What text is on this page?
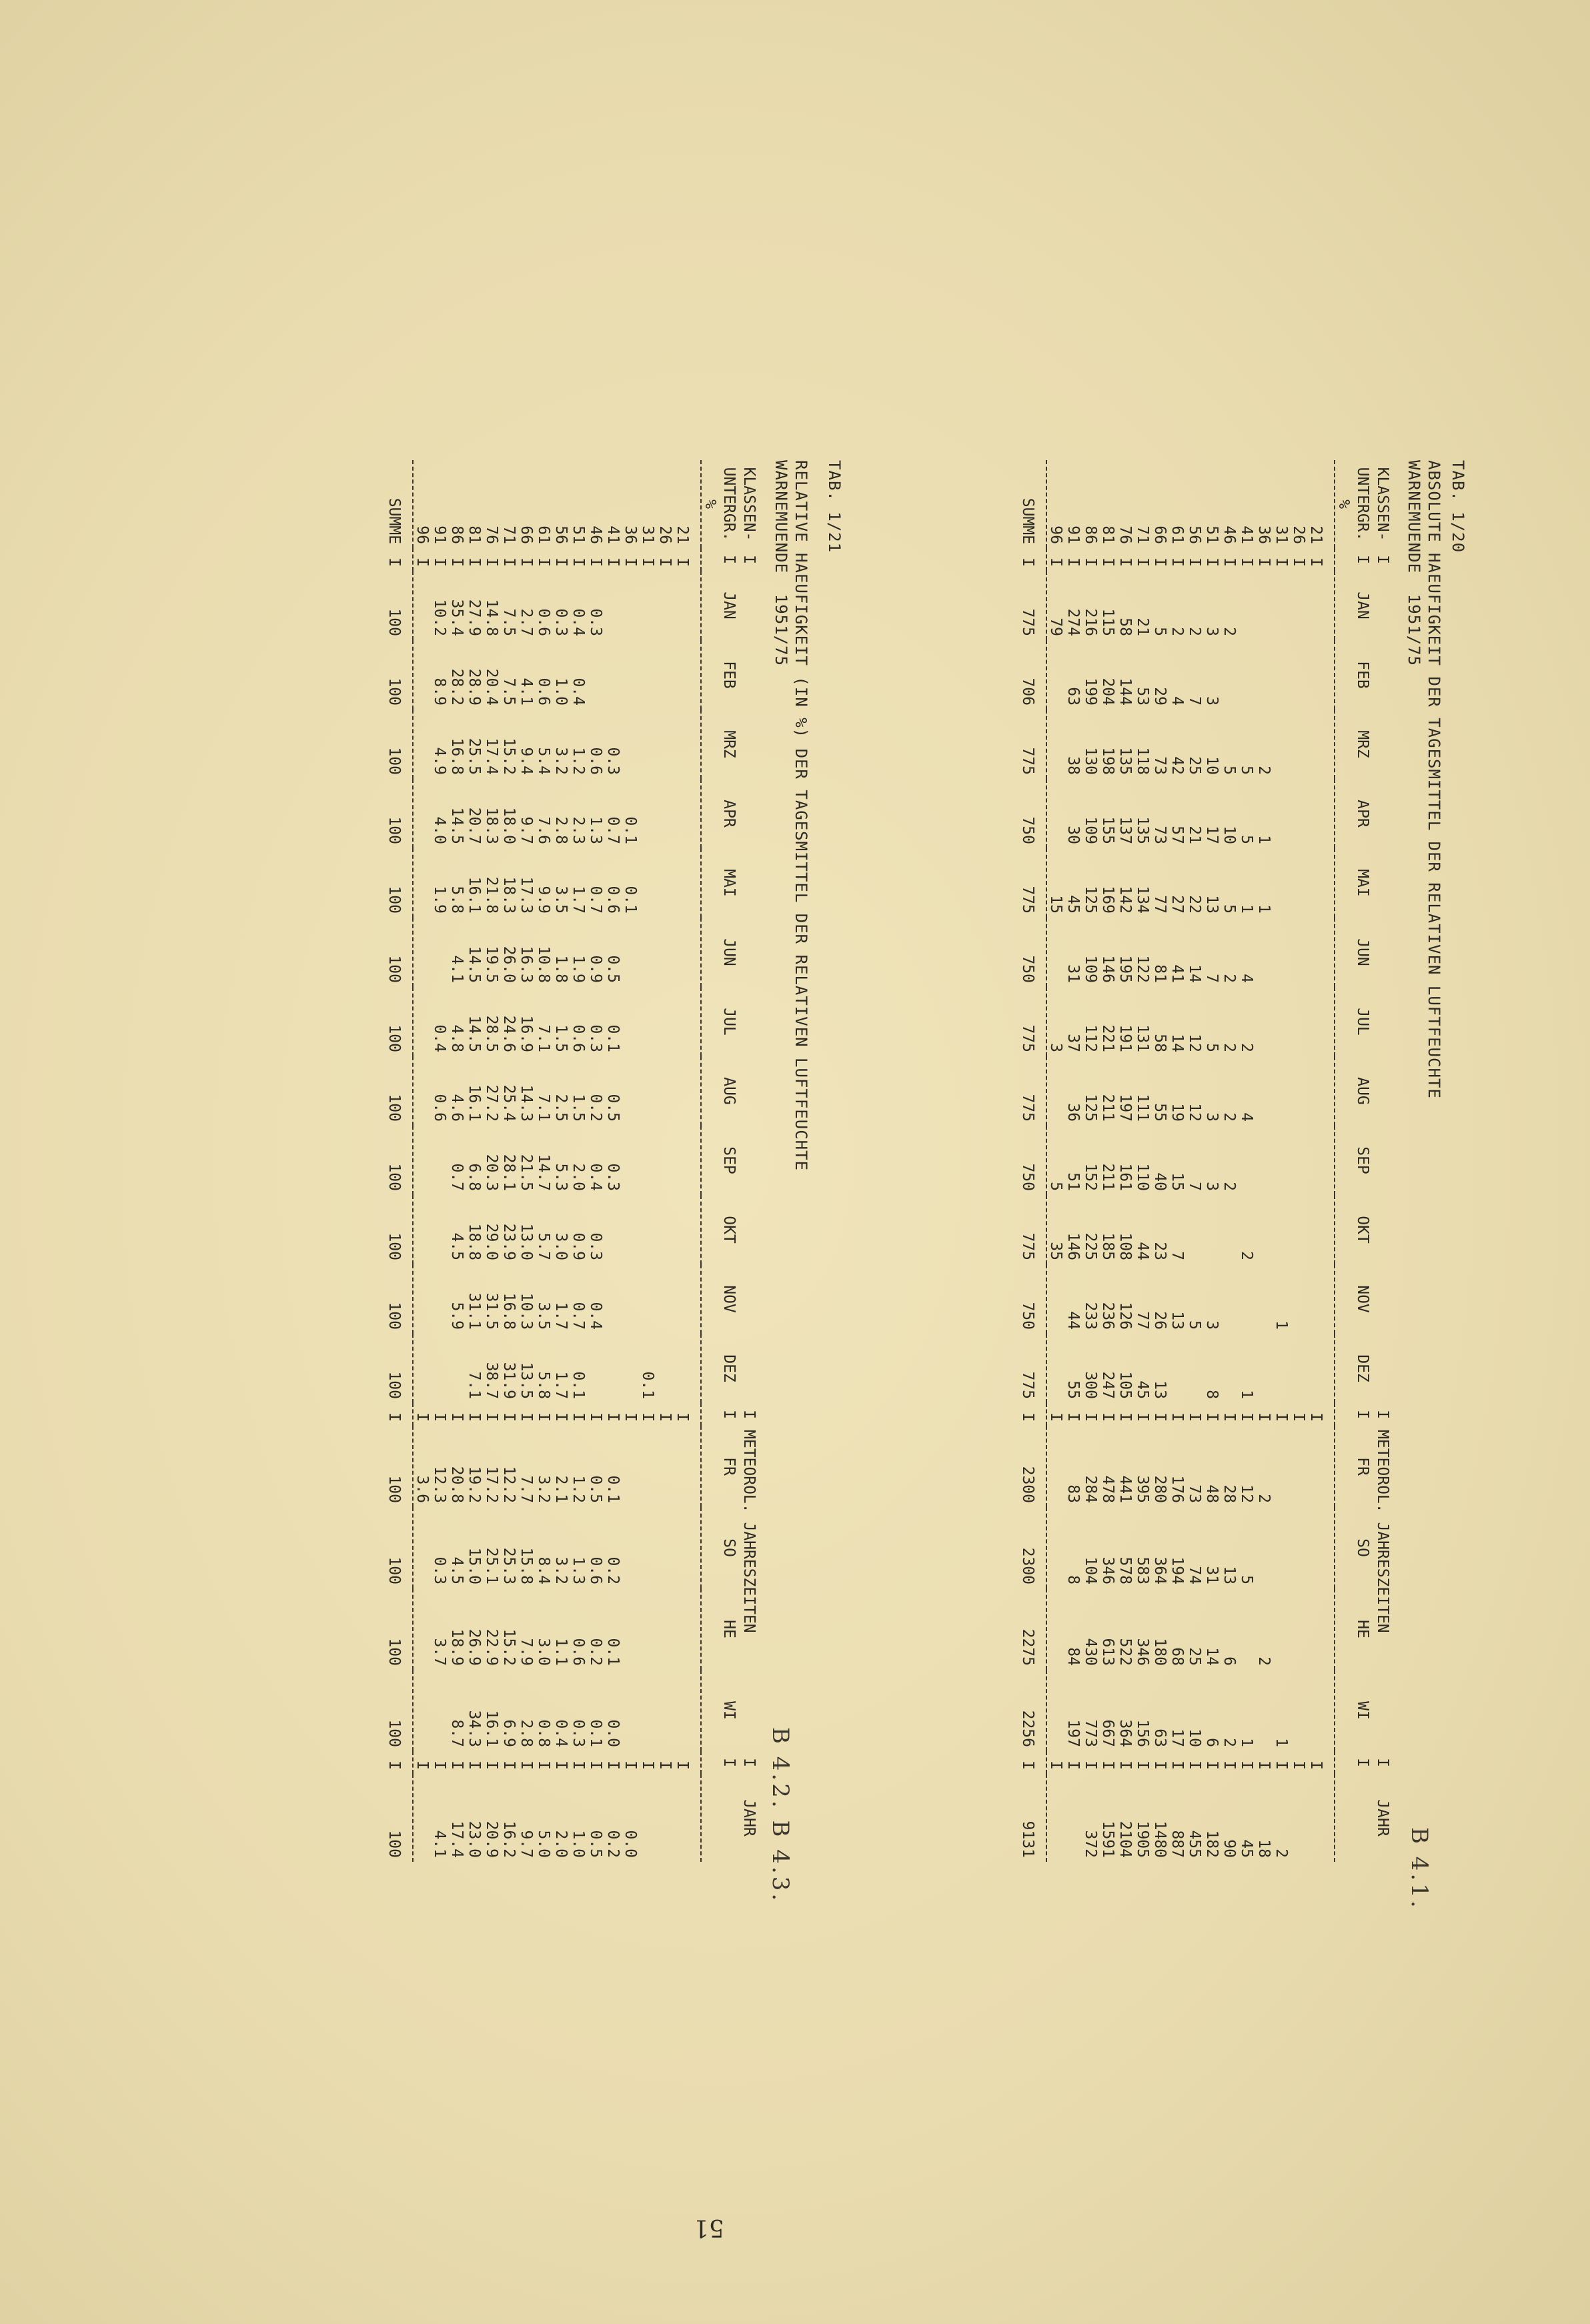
B 4.1.
B 4.2. B 4.3.
TAB. 1/20
ABSOLUTE HAEUFIGKEIT DER TAGESMITTEL DER RELATIVEN LUFTFEUCHTE
WARNEMUENDE  1951/75
KLASSEN-	I													I	METEOROL. JAHRESZEITEN				I	JAHR
UNTERGR.	I	JAN	FEB	MRZ	APR	MAI	JUN	JUL	AUG	SEP	OKT	NOV	DEZ	I	FR	SO	HE	WI	I	
%																				

21	I													I					I	
26	I													I					I	
31	I											1		I				1	I	2
36	I			2	1	1								I	2		2		I	18
41	I			5	5	1	4	2	4		2		1	I	12	5		1	I	45
46	I	2		5	10	5	2	2	2	2				I	28	13	6	2	I	90
51	I	3	3	10	17	13	7	5	3	3		3	8	I	48	31	14	6	I	182
56	I	2	7	25	21	22	14	12	12	7		5		I	73	74	25	10	I	455
61	I	2	4	42	57	27	41	14	19	15	7	13		I	176	194	68	17	I	887
66	I	5	29	73	73	77	81	58	55	40	23	26	13	I	280	364	180	63	I	1480
71	I	21	53	118	135	134	122	131	111	110	44	77	45	I	395	583	346	156	I	1905
76	I	58	144	135	137	142	195	191	197	161	108	126	105	I	441	578	522	364	I	2104
81	I	115	204	198	155	169	146	221	211	211	185	236	247	I	478	346	613	667	I	1591
86	I	216	199	130	109	125	109	112	125	152	225	233	300	I	284	104	430	773	I	372
91	I	274	63	38	30	45	31	37	36	51	146	44	55	I	83	8	84	197	I	
96	I	79				15		3		5	35			I					I	

SUMME	I	775	706	775	750	775	750	775	775	750	775	750	775	I	2300	2300	2275	2256	I	9131
TAB. 1/21
RELATIVE HAEUFIGKEIT (IN %) DER TAGESMITTEL DER RELATIVEN LUFTFEUCHTE
WARNEMUENDE  1951/75
KLASSEN-	I													I	METEOROL. JAHRESZEITEN				I	JAHR
UNTERGR.	I	JAN	FEB	MRZ	APR	MAI	JUN	JUL	AUG	SEP	OKT	NOV	DEZ	I	FR	SO	HE	WI	I	
%																				

21	I													I					I	
26	I													I					I	
31	I												0.1	I					I	
36	I				0.1	0.1								I					I	0.0
41	I			0.3	0.7	0.6	0.5	0.1	0.5	0.3				I	0.1	0.2	0.1	0.0	I	0.2
46	I	0.3		0.6	1.3	0.7	0.9	0.3	0.2	0.4	0.3	0.4		I	0.5	0.6	0.2	0.1	I	0.5
51	I	0.4	0.4	1.2	2.3	1.7	1.9	0.6	1.5	2.0	0.9	0.7	0.1	I	1.2	1.3	0.6	0.3	I	1.0
56	I	0.3	1.0	3.2	2.8	3.5	1.8	1.5	2.5	5.3	3.0	1.7	1.7	I	2.1	3.2	1.1	0.4	I	2.0
61	I	0.6	0.6	5.4	7.6	9.9	10.8	7.1	7.1	14.7	5.7	3.5	5.8	I	3.2	8.4	3.0	0.8	I	5.0
66	I	2.7	4.1	9.4	9.7	17.3	16.3	16.9	14.3	21.5	13.0	10.3	13.5	I	7.7	15.8	7.9	2.8	I	9.7
71	I	7.5	7.5	15.2	18.0	18.3	26.0	24.6	25.4	28.1	23.9	16.8	31.9	I	12.2	25.3	15.2	6.9	I	16.2
76	I	14.8	20.4	17.4	18.3	21.8	19.5	28.5	27.2	20.3	29.0	31.5	38.7	I	17.2	25.1	22.9	16.1	I	20.9
81	I	27.9	28.9	25.5	20.7	16.1	14.5	14.5	16.1	6.8	18.8	31.1	7.1	I	19.2	15.0	26.9	34.3	I	23.0
86	I	35.4	28.2	16.8	14.5	5.8	4.1	4.8	4.6	0.7	4.5	5.9		I	20.8	4.5	18.9	8.7	I	17.4
91	I	10.2	8.9	4.9	4.0	1.9		0.4	0.6					I	12.3	0.3	3.7		I	4.1
96	I													I	3.6				I	

SUMME	I	100	100	100	100	100	100	100	100	100	100	100	100	I	100	100	100	100	I	100
51
